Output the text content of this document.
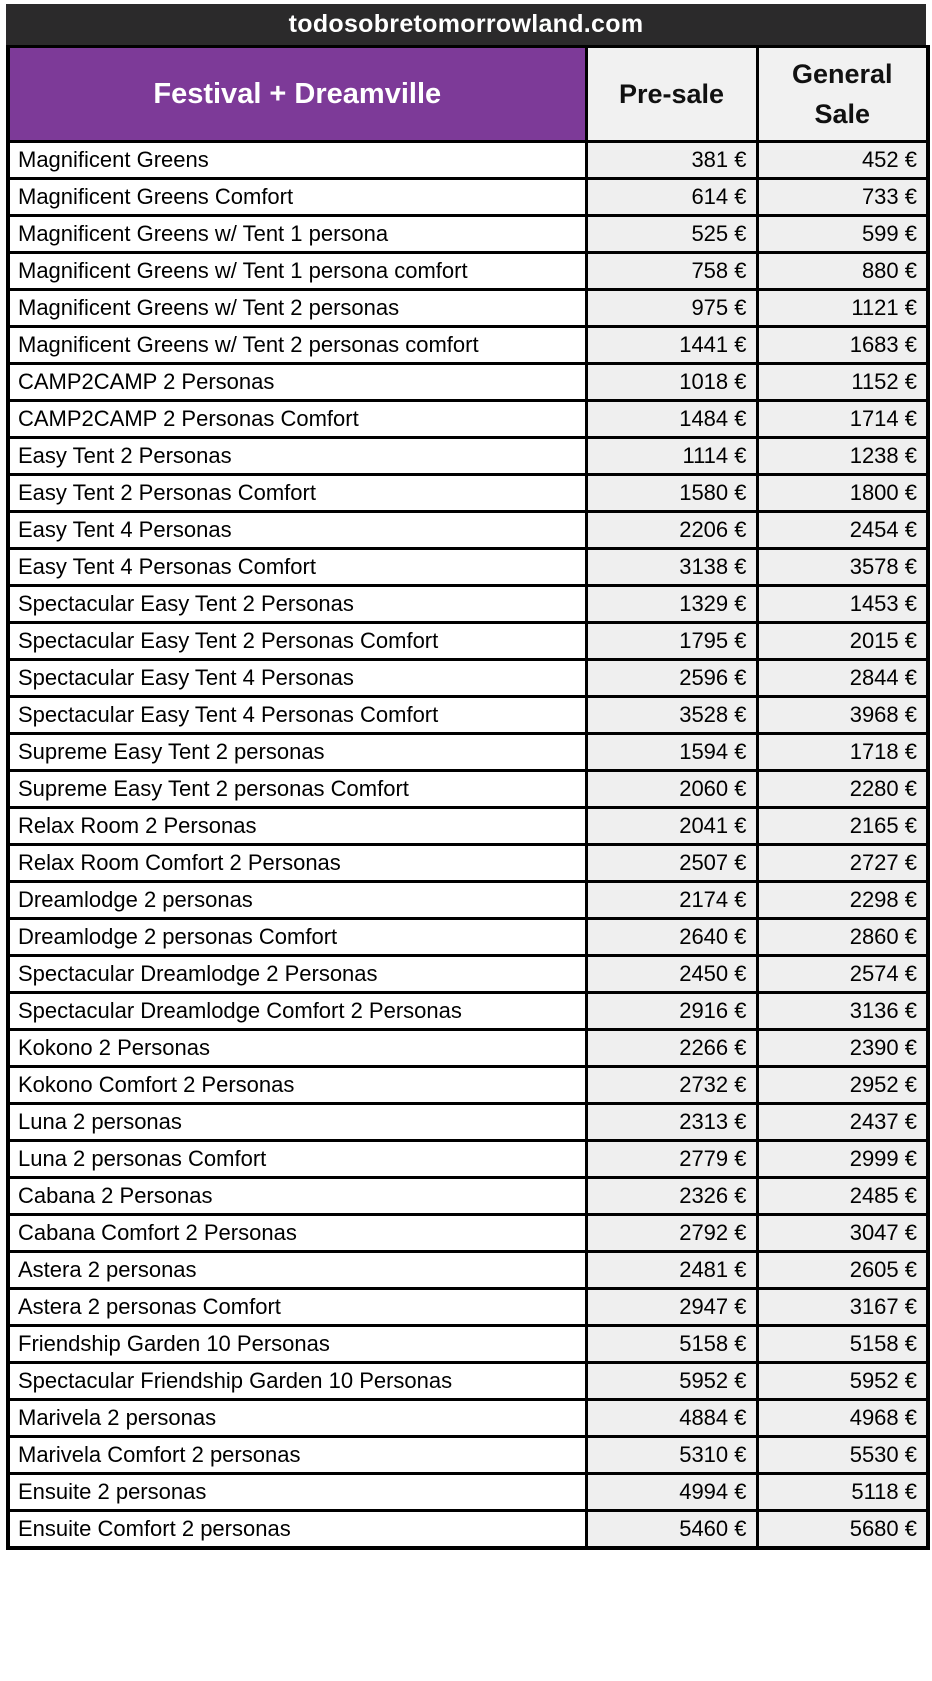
todosobretomorrowland.com
Festival + Dreamville	Pre-sale	General Sale
Magnificent Greens	381 €	452 €
Magnificent Greens Comfort	614 €	733 €
Magnificent Greens w/ Tent 1 persona	525 €	599 €
Magnificent Greens w/ Tent 1 persona comfort	758 €	880 €
Magnificent Greens w/ Tent 2 personas	975 €	1121 €
Magnificent Greens w/ Tent 2 personas comfort	1441 €	1683 €
CAMP2CAMP 2 Personas	1018 €	1152 €
CAMP2CAMP 2 Personas Comfort	1484 €	1714 €
Easy Tent 2 Personas	1114 €	1238 €
Easy Tent 2 Personas Comfort	1580 €	1800 €
Easy Tent 4 Personas	2206 €	2454 €
Easy Tent 4 Personas Comfort	3138 €	3578 €
Spectacular Easy Tent 2 Personas	1329 €	1453 €
Spectacular Easy Tent 2 Personas Comfort	1795 €	2015 €
Spectacular Easy Tent 4 Personas	2596 €	2844 €
Spectacular Easy Tent 4 Personas Comfort	3528 €	3968 €
Supreme Easy Tent 2 personas	1594 €	1718 €
Supreme Easy Tent 2 personas Comfort	2060 €	2280 €
Relax Room 2 Personas	2041 €	2165 €
Relax Room Comfort 2 Personas	2507 €	2727 €
Dreamlodge 2 personas	2174 €	2298 €
Dreamlodge 2 personas Comfort	2640 €	2860 €
Spectacular Dreamlodge 2 Personas	2450 €	2574 €
Spectacular Dreamlodge Comfort 2 Personas	2916 €	3136 €
Kokono 2 Personas	2266 €	2390 €
Kokono Comfort 2 Personas	2732 €	2952 €
Luna 2 personas	2313 €	2437 €
Luna 2 personas Comfort	2779 €	2999 €
Cabana 2 Personas	2326 €	2485 €
Cabana Comfort 2 Personas	2792 €	3047 €
Astera 2 personas	2481 €	2605 €
Astera 2 personas Comfort	2947 €	3167 €
Friendship Garden 10 Personas	5158 €	5158 €
Spectacular Friendship Garden 10 Personas	5952 €	5952 €
Marivela 2 personas	4884 €	4968 €
Marivela Comfort 2 personas	5310 €	5530 €
Ensuite 2 personas	4994 €	5118 €
Ensuite Comfort 2 personas	5460 €	5680 €
